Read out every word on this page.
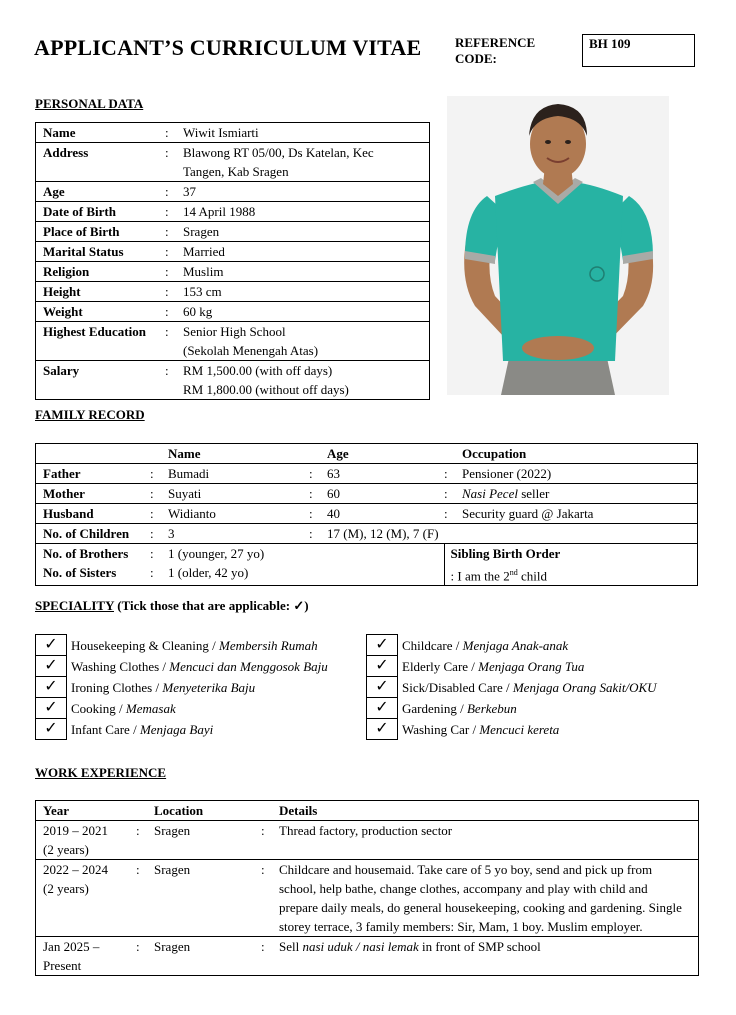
APPLICANT’S CURRICULUM VITAE	REFERENCE
CODE:
BH 109
PERSONAL DATA
Name	:	Wiwit Ismiarti
Address	:	Blawong RT 05/00, Ds Katelan, Kec
Tangen, Kab Sragen

Age	:	37
Date of Birth	:	14 April 1988
Place of Birth	:	Sragen
Marital Status	:	Married
Religion	:	Muslim
Height	:	153 cm
Weight	:	60 kg
Highest Education	:	Senior High School
(Sekolah Menengah Atas)

Salary	:	RM 1,500.00 (with off days)
RM 1,800.00 (without off days)
FAMILY RECORD
		Name		Age		Occupation
Father	:	Bumadi	:	63	:	Pensioner (2022)
Mother	:	Suyati	:	60	:	Nasi Pecel seller
Husband	:	Widianto	:	40	:	Security guard @ Jakarta
No. of Children	:	3	:	17 (M), 12 (M), 7 (F)		
No. of Brothers	:	1 (younger, 27 yo)			Sibling Birth Order	
No. of Sisters	:	1 (older, 42 yo)			: I am the 2nd child	
SPECIALITY (Tick those that are applicable: ✓)
✓	Housekeeping & Cleaning / Membersih Rumah
✓	Washing Clothes / Mencuci dan Menggosok Baju
✓	Ironing Clothes / Menyeterika Baju
✓	Cooking / Memasak
✓	Infant Care / Menjaga Bayi
✓	Childcare / Menjaga Anak-anak
✓	Elderly Care / Menjaga Orang Tua
✓	Sick/Disabled Care / Menjaga Orang Sakit/OKU
✓	Gardening / Berkebun
✓	Washing Car / Mencuci kereta
WORK EXPERIENCE
Year		Location		Details

2019 – 2021
(2 years)	:	Sragen	:	Thread factory, production sector

2022 – 2024
(2 years)	:	Sragen	:	Childcare and housemaid. Take care of 5 yo boy, send and pick up from school, help bathe, change clothes, accompany and play with child and prepare daily meals, do general housekeeping, cooking and gardening. Single storey terrace, 3 family members: Sir, Mam, 1 boy. Muslim employer.

Jan 2025 –
Present	:	Sragen	:	Sell nasi uduk / nasi lemak in front of SMP school
